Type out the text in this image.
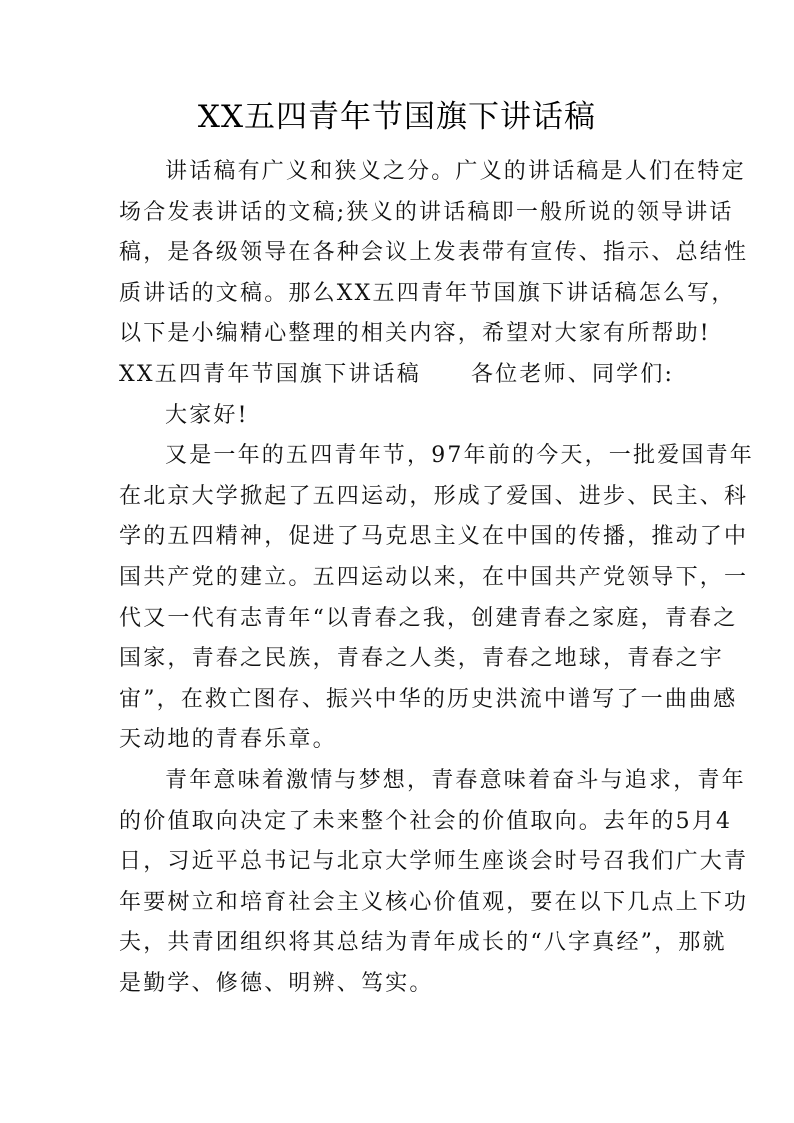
XX五四青年节国旗下讲话稿
讲话稿有广义和狭义之分。广义的讲话稿是人们在特定
场合发表讲话的文稿;狭义的讲话稿即一般所说的领导讲话
稿，是各级领导在各种会议上发表带有宣传、指示、总结性
质讲话的文稿。那么XX五四青年节国旗下讲话稿怎么写，
以下是小编精心整理的相关内容，希望对大家有所帮助!
XX五四青年节国旗下讲话稿 各位老师、同学们:
大家好!
又是一年的五四青年节，97年前的今天，一批爱国青年
在北京大学掀起了五四运动，形成了爱国、进步、民主、科
学的五四精神，促进了马克思主义在中国的传播，推动了中
国共产党的建立。五四运动以来，在中国共产党领导下，一
代又一代有志青年“以青春之我，创建青春之家庭，青春之
国家，青春之民族，青春之人类，青春之地球，青春之宇
宙”，在救亡图存、振兴中华的历史洪流中谱写了一曲曲感
天动地的青春乐章。
青年意味着激情与梦想，青春意味着奋斗与追求，青年
的价值取向决定了未来整个社会的价值取向。去年的5月4
日，习近平总书记与北京大学师生座谈会时号召我们广大青
年要树立和培育社会主义核心价值观，要在以下几点上下功
夫，共青团组织将其总结为青年成长的“八字真经”，那就
是勤学、修德、明辨、笃实。
